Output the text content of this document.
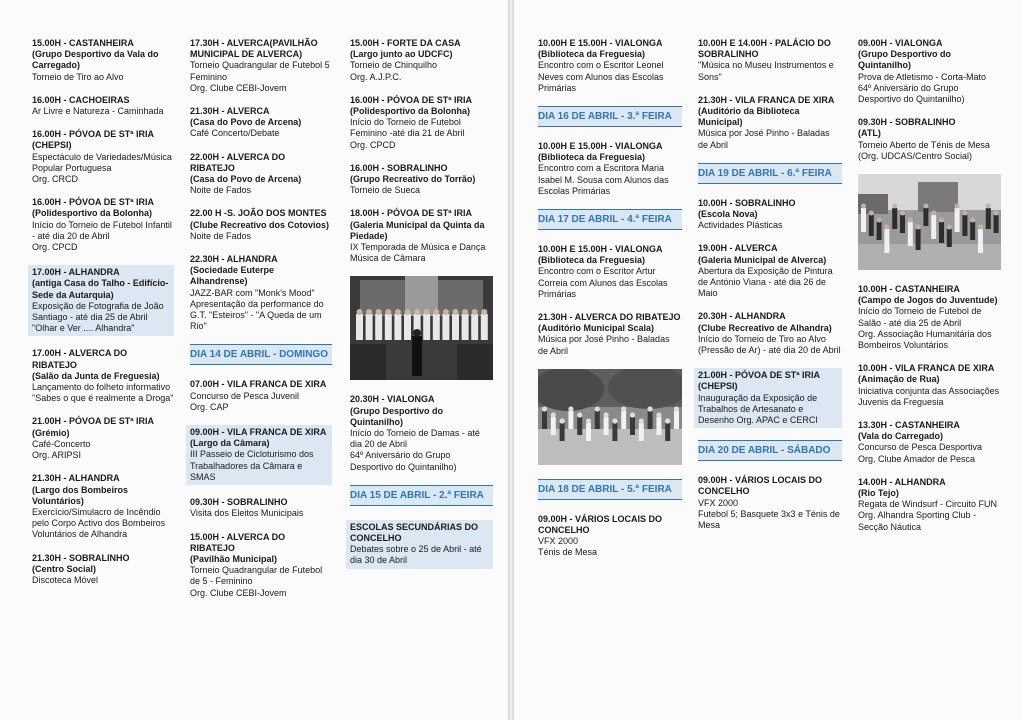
15.00H - CASTANHEIRA
(Grupo Desportivo da Vala do Carregado)
Torneio de Tiro ao Alvo
16.00H - CACHOEIRAS
Ar Livre e Natureza - Caminhada
16.00H - PÓVOA DE STª IRIA
(CHEPSI)
Espectáculo de Variedades/Música Popular Portuguesa
Org. CRCD
16.00H - PÓVOA DE STª IRIA
(Polidesportivo da Bolonha)
Início do Torneio de Futebol Infantil - até dia 20 de Abril
Org. CPCD
17.00H - ALHANDRA
(antiga Casa do Talho - Edifício-Sede da Autarquia)
Exposição de Fotografia de João Santiago - até dia 25 de Abril
"Olhar e Ver .... Alhandra"
17.00H - ALVERCA DO RIBATEJO
(Salão da Junta de Freguesia)
Lançamento do folheto informativo "Sabes o que é realmente a Droga"
21.00H - PÓVOA DE STª IRIA
(Grémio)
Café-Concerto
Org. ARIPSI
21.30H - ALHANDRA
(Largo dos Bombeiros Voluntários)
Exercício/Simulacro de Incêndio pelo Corpo Activo dos Bombeiros Voluntários de Alhandra
21.30H - SOBRALINHO
(Centro Social)
Discoteca Móvel
17.30H - ALVERCA(PAVILHÃO MUNICIPAL DE ALVERCA)
Torneio Quadrangular de Futebol 5 Feminino
Org. Clube CEBI-Jovem
21.30H - ALVERCA
(Casa do Povo de Arcena)
Café Concerto/Debate
22.00H - ALVERCA DO RIBATEJO
(Casa do Povo de Arcena)
Noite de Fados
22.00 H -S. JOÃO DOS MONTES
(Clube Recreativo dos Cotovios)
Noite de Fados
22.30H - ALHANDRA
(Sociedade Euterpe Alhandrense)
JAZZ-BAR com "Monk's Mood"
Apresentação da performance do G.T. "Esteiros" - "A Queda de um Rio"
DIA 14 DE ABRIL - DOMINGO
07.00H - VILA FRANCA DE XIRA
Concurso de Pesca Juvenil
Org. CAP
09.00H - VILA FRANCA DE XIRA
(Largo da Câmara)
III Passeio de Cicloturismo dos Trabalhadores da Câmara e SMAS
09.30H - SOBRALINHO
Visita dos Eleitos Municipais
15.00H - ALVERCA DO RIBATEJO
(Pavilhão Municipal)
Torneio Quadrangular de Futebol de 5 - Feminino
Org. Clube CEBI-Jovem
15.00H - FORTE DA CASA
(Largo junto ao UDCFC)
Torneio de Chinquilho
Org. A.J.P.C.
16.00H - PÓVOA DE STª IRIA
(Polidesportivo da Bolonha)
Início do Torneio de Futebol Feminino -até dia 21 de Abril
Org. CPCD
16.00H - SOBRALINHO
(Grupo Recreativo do Torrão)
Torneio de Sueca
18.00H - PÓVOA DE STª IRIA
(Galeria Municipal da Quinta da Piedade)
IX Temporada de Música e Dança Música de Câmara
20.30H - VIALONGA
(Grupo Desportivo do Quintanilho)
Início do Torneio de Damas - até dia 20 de Abril
64º Aniversário do Grupo Desportivo do Quintanilho)
DIA 15 DE ABRIL - 2.ª FEIRA
ESCOLAS SECUNDÁRIAS DO CONCELHO
Debates sobre o 25 de Abril - até dia 30 de Abril
10.00H E 15.00H - VIALONGA
(Biblioteca da Freguesia)
Encontro com o Escritor Leonel Neves com Alunos das Escolas Primárias
DIA 16 DE ABRIL - 3.ª FEIRA
10.00H E 15.00H - VIALONGA
(Biblioteca da Freguesia)
Encontro com a Escritora Maria Isabel M. Sousa com Alunos das Escolas Primárias
DIA 17 DE ABRIL - 4.ª FEIRA
10.00H E 15.00H - VIALONGA
(Biblioteca da Freguesia)
Encontro com o Escritor Artur Correia com Alunos das Escolas Primárias
21.30H - ALVERCA DO RIBATEJO
(Auditório Municipal Scala)
Música por José Pinho - Baladas de Abril
DIA 18 DE ABRIL - 5.ª FEIRA
09.00H - VÁRIOS LOCAIS DO CONCELHO
VFX 2000
Ténis de Mesa
10.00H E 14.00H - PALÁCIO DO SOBRALINHO
"Música no Museu Instrumentos e Sons"
21.30H - VILA FRANCA DE XIRA
(Auditório da Biblioteca Municipal)
Música por José Pinho - Baladas de Abril
DIA 19 DE ABRIL - 6.ª FEIRA
10.00H - SOBRALINHO
(Escola Nova)
Actividades Plásticas
19.00H - ALVERCA
(Galeria Municipal de Alverca)
Abertura da Exposição de Pintura de António Viana - até dia 26 de Maio
20.30H - ALHANDRA
(Clube Recreativo de Alhandra)
Início do Torneio de Tiro ao Alvo (Pressão de Ar) - até dia 20 de Abril
21.00H - PÓVOA DE STª IRIA
(CHEPSI)
Inauguração da Exposição de Trabalhos de Artesanato e Desenho Org. APAC e CERCI
DIA 20 DE ABRIL - SÁBADO
09.00H - VÁRIOS LOCAIS DO CONCELHO
VFX 2000
Futebol 5; Basquete 3x3 e Ténis de Mesa
09.00H - VIALONGA
(Grupo Desportivo do Quintanilho)
Prova de Atletismo - Corta-Mato
64º Aniversário do Grupo Desportivo do Quintanilho)
09.30H - SOBRALINHO
(ATL)
Torneio Aberto de Ténis de Mesa
(Org. UDCAS/Centro Social)
10.00H - CASTANHEIRA
(Campo de Jogos do Juventude)
Início do Torneio de Futebol de Salão - até dia 25 de Abril
Org. Associação Humanitária dos Bombeiros Voluntários
10.00H - VILA FRANCA DE XIRA
(Animação de Rua)
Iniciativa conjunta das Associações Juvenis da Freguesia
13.30H - CASTANHEIRA
(Vala do Carregado)
Concurso de Pesca Desportiva
Org. Clube Amador de Pesca
14.00H - ALHANDRA
(Rio Tejo)
Regata de Windsurf - Circuito FUN
Org. Alhandra Sporting Club - Secção Náutica
